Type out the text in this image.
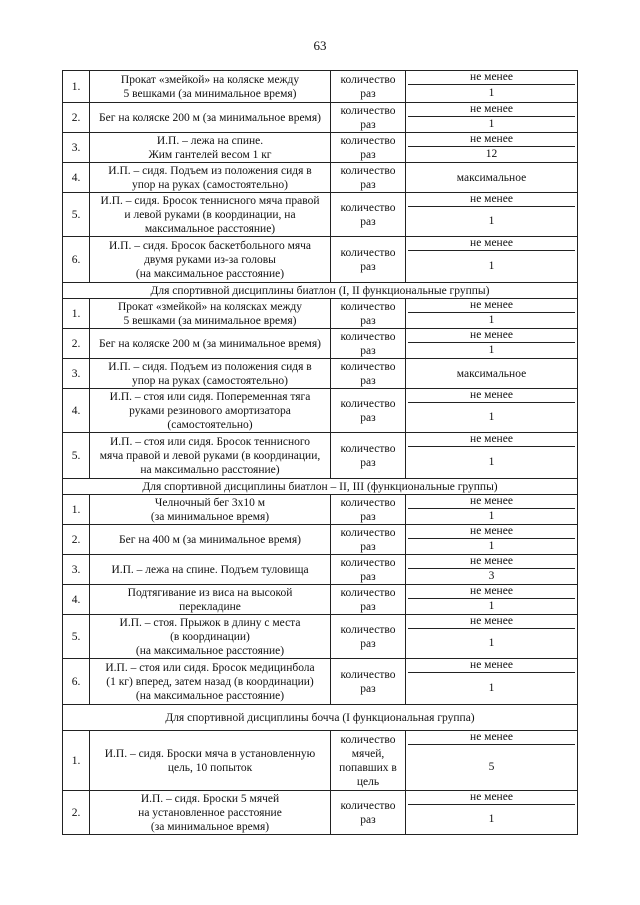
63
1.	Прокат «змейкой» на коляске между
5 вешками (за минимальное время)	количество
раз	не менее
1

2.	Бег на коляске 200 м (за минимальное время)	количество
раз	не менее
1

3.	И.П. – лежа на спине.
Жим гантелей весом 1 кг	количество
раз	не менее
12

4.	И.П. – сидя. Подъем из положения сидя в
упор на руках (самостоятельно)	количество
раз	максимальное

5.	И.П. – сидя. Бросок теннисного мяча правой
и левой руками (в координации, на
максимальное расстояние)	количество
раз	не менее
1

6.	И.П. – сидя. Бросок баскетбольного мяча
двумя руками из-за головы
(на максимальное расстояние)	количество
раз	не менее
1

Для спортивной дисциплины биатлон (I, II функциональные группы)			
1.	Прокат «змейкой» на колясках между
5 вешками (за минимальное время)	количество
раз	не менее
1

2.	Бег на коляске 200 м (за минимальное время)	количество
раз	не менее
1

3.	И.П. – сидя. Подъем из положения сидя в
упор на руках (самостоятельно)	количество
раз	максимальное

4.	И.П. – стоя или сидя. Попеременная тяга
руками резинового амортизатора
(самостоятельно)	количество
раз	не менее
1

5.	И.П. – стоя или сидя. Бросок теннисного
мяча правой и левой руками (в координации,
на максимально расстояние)	количество
раз	не менее
1

Для спортивной дисциплины биатлон – II, III (функциональные группы)			
1.	Челночный бег 3х10 м
(за минимальное время)	количество
раз	не менее
1

2.	Бег на 400 м (за минимальное время)	количество
раз	не менее
1

3.	И.П. – лежа на спине. Подъем туловища	количество
раз	не менее
3

4.	Подтягивание из виса на высокой
перекладине	количество
раз	не менее
1

5.	И.П. – стоя. Прыжок в длину с места
(в координации)
(на максимальное расстояние)	количество
раз	не менее
1

6.	И.П. – стоя или сидя. Бросок медицинбола
(1 кг) вперед, затем назад (в координации)
(на максимальное расстояние)	количество
раз	не менее
1

Для спортивной дисциплины бочча (I функциональная группа)			
1.	И.П. – сидя. Броски мяча в установленную
цель, 10 попыток	количество
мячей,
попавших в
цель	не менее
5

2.	И.П. – сидя. Броски 5 мячей
на установленное расстояние
(за минимальное время)	количество
раз	не менее
1
